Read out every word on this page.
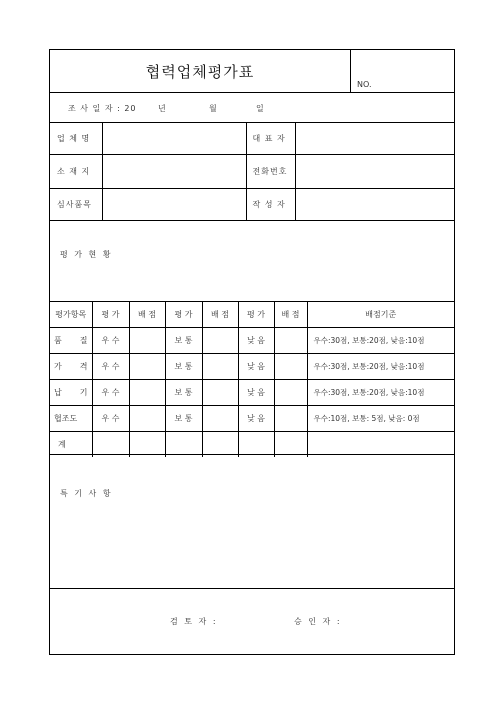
협력업체평가표
NO.
조 사 일 자 : 20	년	월	일
업 체 명		대 표 자	
소 재 지		전화번호	
심사품목		작 성 자	
평 가 현 황
평가항목	평 가	배 점	평 가	배 점	평 가	배 점	배점기준

품 질	우 수		보 통		낮 음		우수:30점, 보통:20점, 낮음:10점

가 격	우 수		보 통		낮 음		우수:30점, 보통:20점, 낮음:10점

납 기	우 수		보 통		낮 음		우수:30점, 보통:20점, 낮음:10점

협조도	우 수		보 통		낮 음		우수:10점, 보통: 5점, 낮음: 0점
계							
특 기 사 항
검 토 자 :	승 인 자 :
